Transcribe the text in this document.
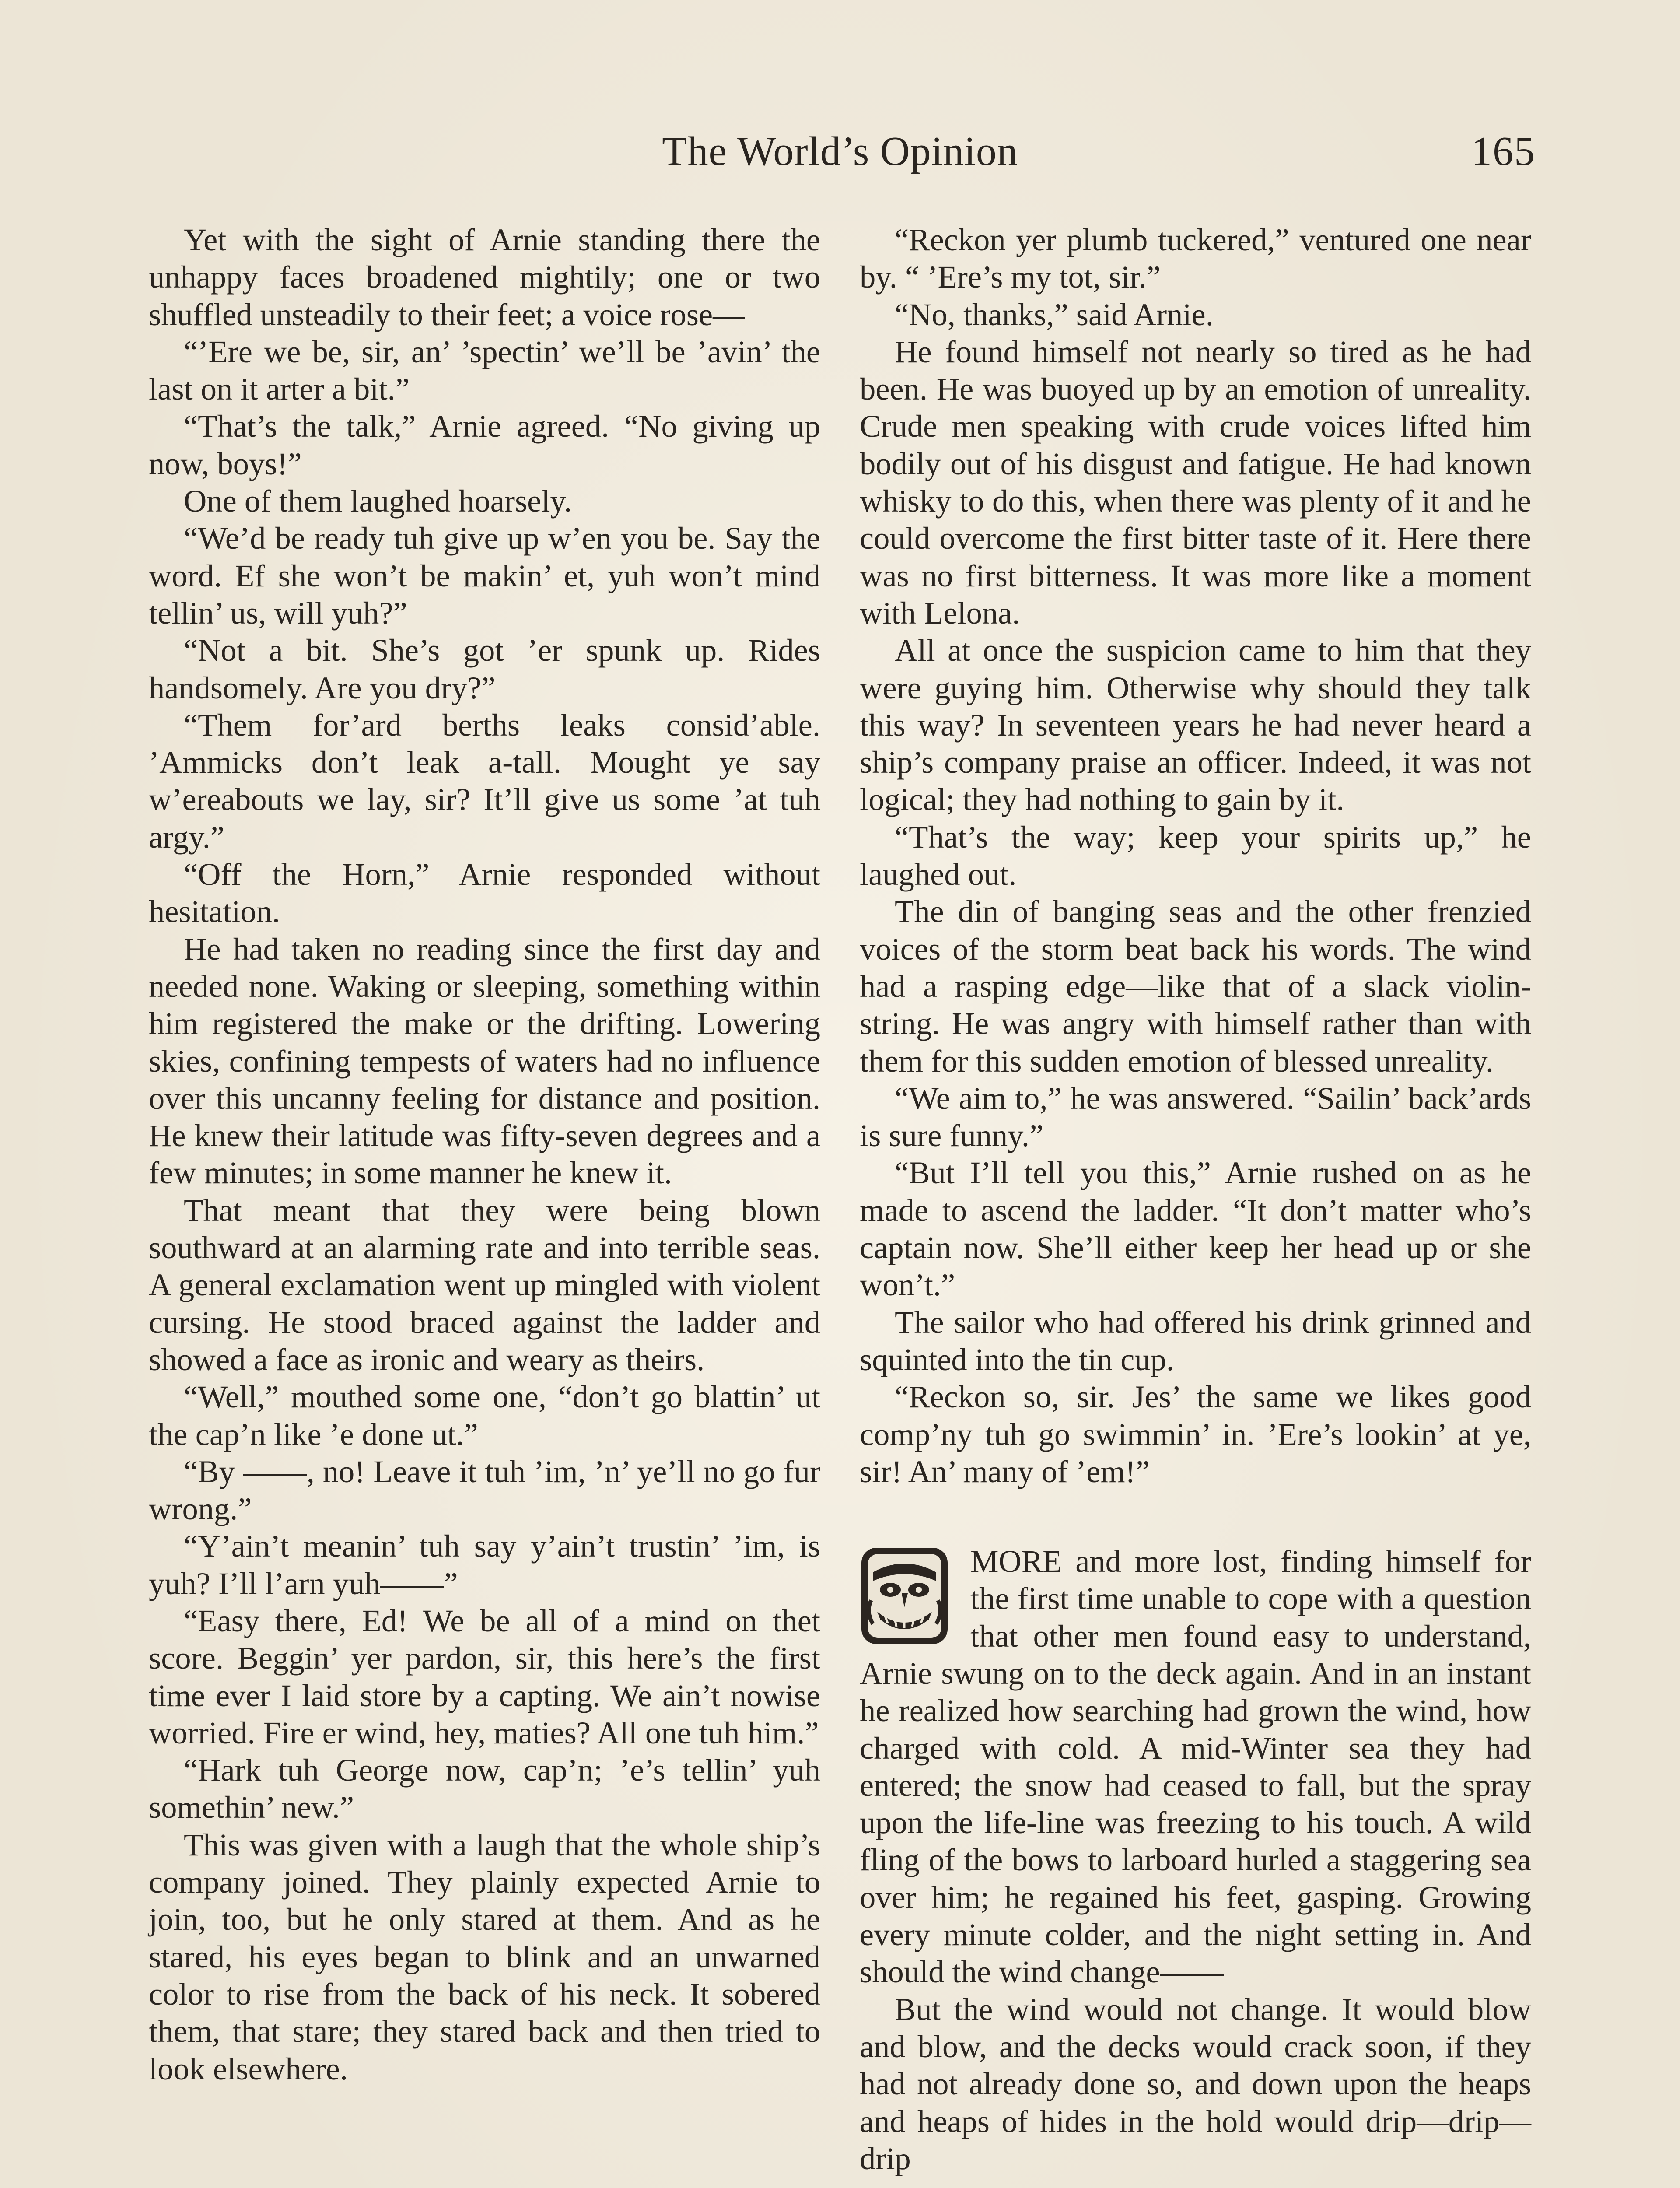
The World’s Opinion	165

Yet with the sight of Arnie standing there the unhappy faces broadened mightily; one or two shuffled unsteadily to their feet; a voice rose—

“’Ere we be, sir, an’ ’spectin’ we’ll be ’avin’ the last on it arter a bit.”

“That’s the talk,” Arnie agreed. “No giving up now, boys!”

One of them laughed hoarsely.

“We’d be ready tuh give up w’en you be. Say the word. Ef she won’t be makin’ et, yuh won’t mind tellin’ us, will yuh?”

“Not a bit. She’s got ’er spunk up. Rides handsomely. Are you dry?”

“Them for’ard berths leaks consid’able. ’Ammicks don’t leak a-tall. Mought ye say w’ereabouts we lay, sir? It’ll give us some ’at tuh argy.”

“Off the Horn,” Arnie responded without hesitation.

He had taken no reading since the first day and needed none. Waking or sleeping, something within him registered the make or the drifting. Lowering skies, confining tempests of waters had no influence over this uncanny feeling for distance and position. He knew their latitude was fifty-seven degrees and a few minutes; in some manner he knew it.

That meant that they were being blown southward at an alarming rate and into terrible seas. A general exclamation went up mingled with violent cursing. He stood braced against the ladder and showed a face as ironic and weary as theirs.

“Well,” mouthed some one, “don’t go blattin’ ut the cap’n like ’e done ut.”

“By ——, no! Leave it tuh ’im, ’n’ ye’ll no go fur wrong.”

“Y’ain’t meanin’ tuh say y’ain’t trustin’ ’im, is yuh? I’ll l’arn yuh——”

“Easy there, Ed! We be all of a mind on thet score. Beggin’ yer pardon, sir, this here’s the first time ever I laid store by a capting. We ain’t nowise worried. Fire er wind, hey, maties? All one tuh him.”

“Hark tuh George now, cap’n; ’e’s tellin’ yuh somethin’ new.”

This was given with a laugh that the whole ship’s company joined. They plainly expected Arnie to join, too, but he only stared at them. And as he stared, his eyes began to blink and an unwarned color to rise from the back of his neck. It sobered them, that stare; they stared back and then tried to look elsewhere.

“Reckon yer plumb tuckered,” ventured one near by. “ ’Ere’s my tot, sir.”

“No, thanks,” said Arnie.

He found himself not nearly so tired as he had been. He was buoyed up by an emotion of unreality. Crude men speaking with crude voices lifted him bodily out of his disgust and fatigue. He had known whisky to do this, when there was plenty of it and he could overcome the first bitter taste of it. Here there was no first bitterness. It was more like a moment with Lelona.

All at once the suspicion came to him that they were guying him. Otherwise why should they talk this way? In seventeen years he had never heard a ship’s company praise an officer. Indeed, it was not logical; they had nothing to gain by it.

“That’s the way; keep your spirits up,” he laughed out.

The din of banging seas and the other frenzied voices of the storm beat back his words. The wind had a rasping edge—like that of a slack violin-string. He was angry with himself rather than with them for this sudden emotion of blessed unreality.

“We aim to,” he was answered. “Sailin’ back’ards is sure funny.”

“But I’ll tell you this,” Arnie rushed on as he made to ascend the ladder. “It don’t matter who’s captain now. She’ll either keep her head up or she won’t.”

The sailor who had offered his drink grinned and squinted into the tin cup.

“Reckon so, sir. Jes’ the same we likes good comp’ny tuh go swimmin’ in. ’Ere’s lookin’ at ye, sir! An’ many of ’em!”

MORE and more lost, finding himself for the first time unable to cope with a question that other men found easy to understand, Arnie swung on to the deck again. And in an instant he realized how searching had grown the wind, how charged with cold. A mid-Winter sea they had entered; the snow had ceased to fall, but the spray upon the life-line was freezing to his touch. A wild fling of the bows to larboard hurled a staggering sea over him; he regained his feet, gasping. Growing every minute colder, and the night setting in. And should the wind change——

But the wind would not change. It would blow and blow, and the decks would crack soon, if they had not already done so, and down upon the heaps and heaps of hides in the hold would drip—drip—drip
